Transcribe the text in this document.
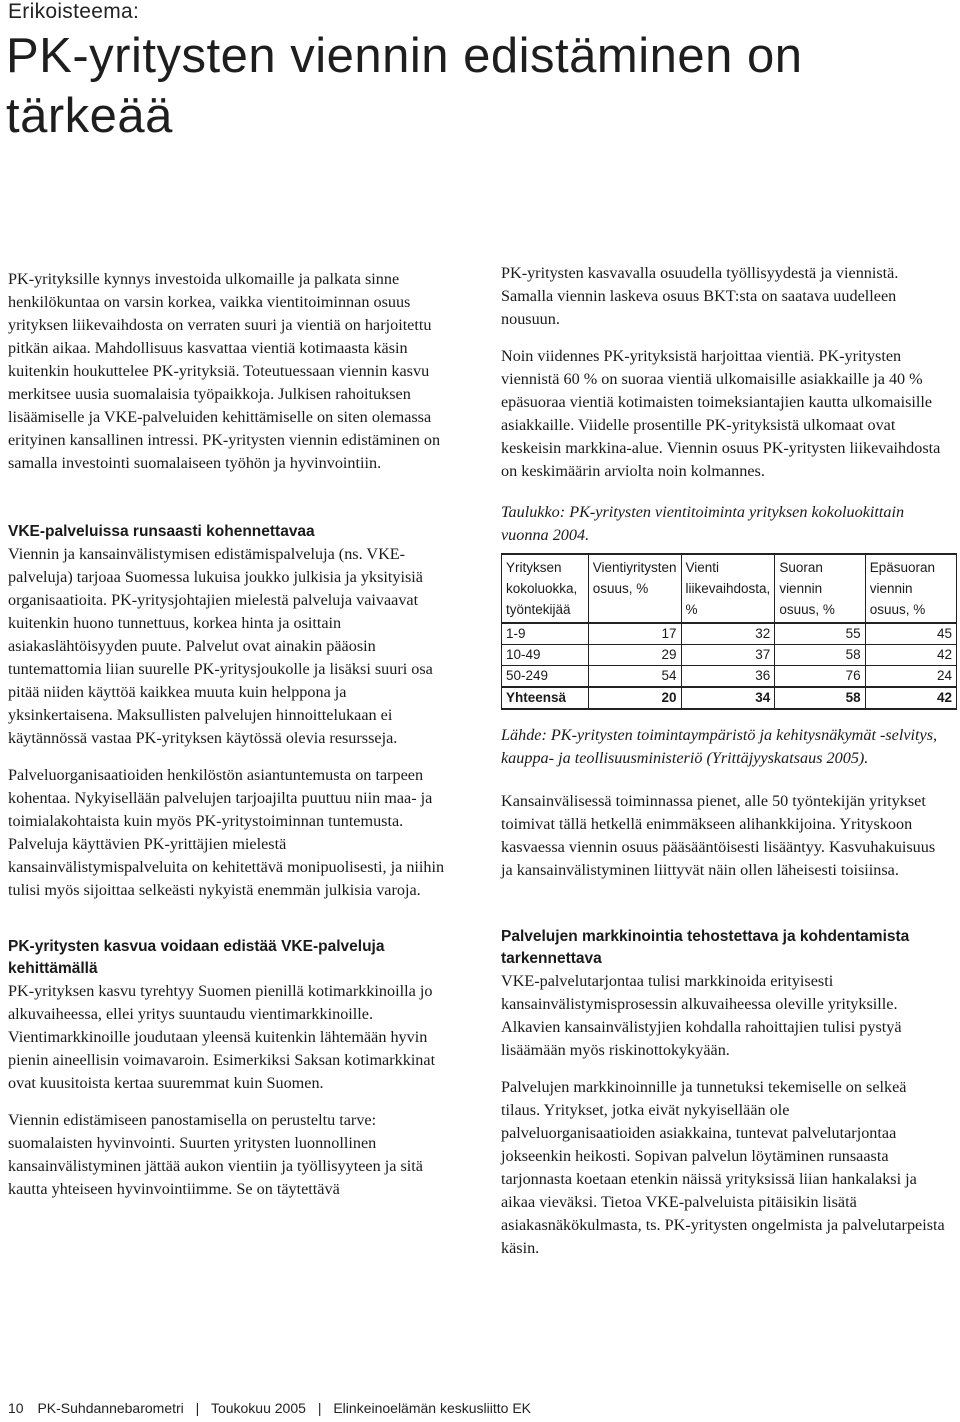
Erikoisteema:
PK-yritysten viennin edistäminen on tärkeää

PK-yrityksille kynnys investoida ulkomaille ja palkata sinne henkilökuntaa on varsin korkea, vaikka vientitoiminnan osuus yrityksen liikevaihdosta on verraten suuri ja vientiä on harjoitettu pitkän aikaa. Mahdollisuus kasvattaa vientiä kotimaasta käsin kuitenkin houkuttelee PK-yrityksiä. Toteutuessaan viennin kasvu merkitsee uusia suomalaisia työpaikkoja. Julkisen rahoituksen lisäämiselle ja VKE-palveluiden kehittämiselle on siten olemassa erityinen kansallinen intressi. PK-yritysten viennin edistäminen on samalla investointi suomalaiseen työhön ja hyvinvointiin.

VKE-palveluissa runsaasti kohennettavaa

Viennin ja kansainvälistymisen edistämispalveluja (ns. VKE-palveluja) tarjoaa Suomessa lukuisa joukko julkisia ja yksityisiä organisaatioita. PK-yritysjohtajien mielestä palveluja vaivaavat kuitenkin huono tunnettuus, korkea hinta ja osittain asiakaslähtöisyyden puute. Palvelut ovat ainakin pääosin tuntemattomia liian suurelle PK-yritysjoukolle ja lisäksi suuri osa pitää niiden käyttöä kaikkea muuta kuin helppona ja yksinkertaisena. Maksullisten palvelujen hinnoittelukaan ei käytännössä vastaa PK-yrityksen käytössä olevia resursseja.

Palveluorganisaatioiden henkilöstön asiantuntemusta on tarpeen kohentaa. Nykyisellään palvelujen tarjoajilta puuttuu niin maa- ja toimialakohtaista kuin myös PK-yritystoiminnan tuntemusta. Palveluja käyttävien PK-yrittäjien mielestä kansainvälistymispalveluita on kehitettävä monipuolisesti, ja niihin tulisi myös sijoittaa selkeästi nykyistä enemmän julkisia varoja.

PK-yritysten kasvua voidaan edistää VKE-palveluja kehittämällä

PK-yrityksen kasvu tyrehtyy Suomen pienillä kotimarkkinoilla jo alkuvaiheessa, ellei yritys suuntaudu vientimarkkinoille. Vientimarkkinoille joudutaan yleensä kuitenkin lähtemään hyvin pienin aineellisin voimavaroin. Esimerkiksi Saksan kotimarkkinat ovat kuusitoista kertaa suuremmat kuin Suomen.

Viennin edistämiseen panostamisella on perusteltu tarve: suomalaisten hyvinvointi. Suurten yritysten luonnollinen kansainvälistyminen jättää aukon vientiin ja työllisyyteen ja sitä kautta yhteiseen hyvinvointiimme. Se on täytettävä

PK-yritysten kasvavalla osuudella työllisyydestä ja viennistä. Samalla viennin laskeva osuus BKT:sta on saatava uudelleen nousuun.

Noin viidennes PK-yrityksistä harjoittaa vientiä. PK-yritysten viennistä 60 % on suoraa vientiä ulkomaisille asiakkaille ja 40 % epäsuoraa vientiä kotimaisten toimeksiantajien kautta ulkomaisille asiakkaille. Viidelle prosentille PK-yrityksistä ulkomaat ovat keskeisin markkina-alue. Viennin osuus PK-yritysten liikevaihdosta on keskimäärin arviolta noin kolmannes.

Taulukko: PK-yritysten vientitoiminta yrityksen kokoluokittain vuonna 2004.

Yrityksen kokoluokka, työntekijää	Vientiyritysten osuus, %	Vienti liikevaihdosta, %	Suoran viennin osuus, %	Epäsuoran viennin osuus, %
1-9	17	32	55	45
10-49	29	37	58	42
50-249	54	36	76	24
Yhteensä	20	34	58	42

Lähde: PK-yritysten toimintaympäristö ja kehitysnäkymät -selvitys, kauppa- ja teollisuusministeriö (Yrittäjyyskatsaus 2005).

Kansainvälisessä toiminnassa pienet, alle 50 työntekijän yritykset toimivat tällä hetkellä enimmäkseen alihankkijoina. Yrityskoon kasvaessa viennin osuus pääsääntöisesti lisääntyy. Kasvuhakuisuus ja kansainvälistyminen liittyvät näin ollen läheisesti toisiinsa.

Palvelujen markkinointia tehostettava ja kohdentamista tarkennettava

VKE-palvelutarjontaa tulisi markkinoida erityisesti kansainvälistymisprosessin alkuvaiheessa oleville yrityksille. Alkavien kansainvälistyjien kohdalla rahoittajien tulisi pystyä lisäämään myös riskinottokykyään.

Palvelujen markkinoinnille ja tunnetuksi tekemiselle on selkeä tilaus. Yritykset, jotka eivät nykyisellään ole palveluorganisaatioiden asiakkaina, tuntevat palvelutarjontaa jokseenkin heikosti. Sopivan palvelun löytäminen runsaasta tarjonnasta koetaan etenkin näissä yrityksissä liian hankalaksi ja aikaa vieväksi. Tietoa VKE-palveluista pitäisikin lisätä asiakasnäkökulmasta, ts. PK-yritysten ongelmista ja palvelutarpeista käsin.

10 PK-Suhdannebarometri | Toukokuu 2005 | Elinkeinoelämän keskusliitto EK
